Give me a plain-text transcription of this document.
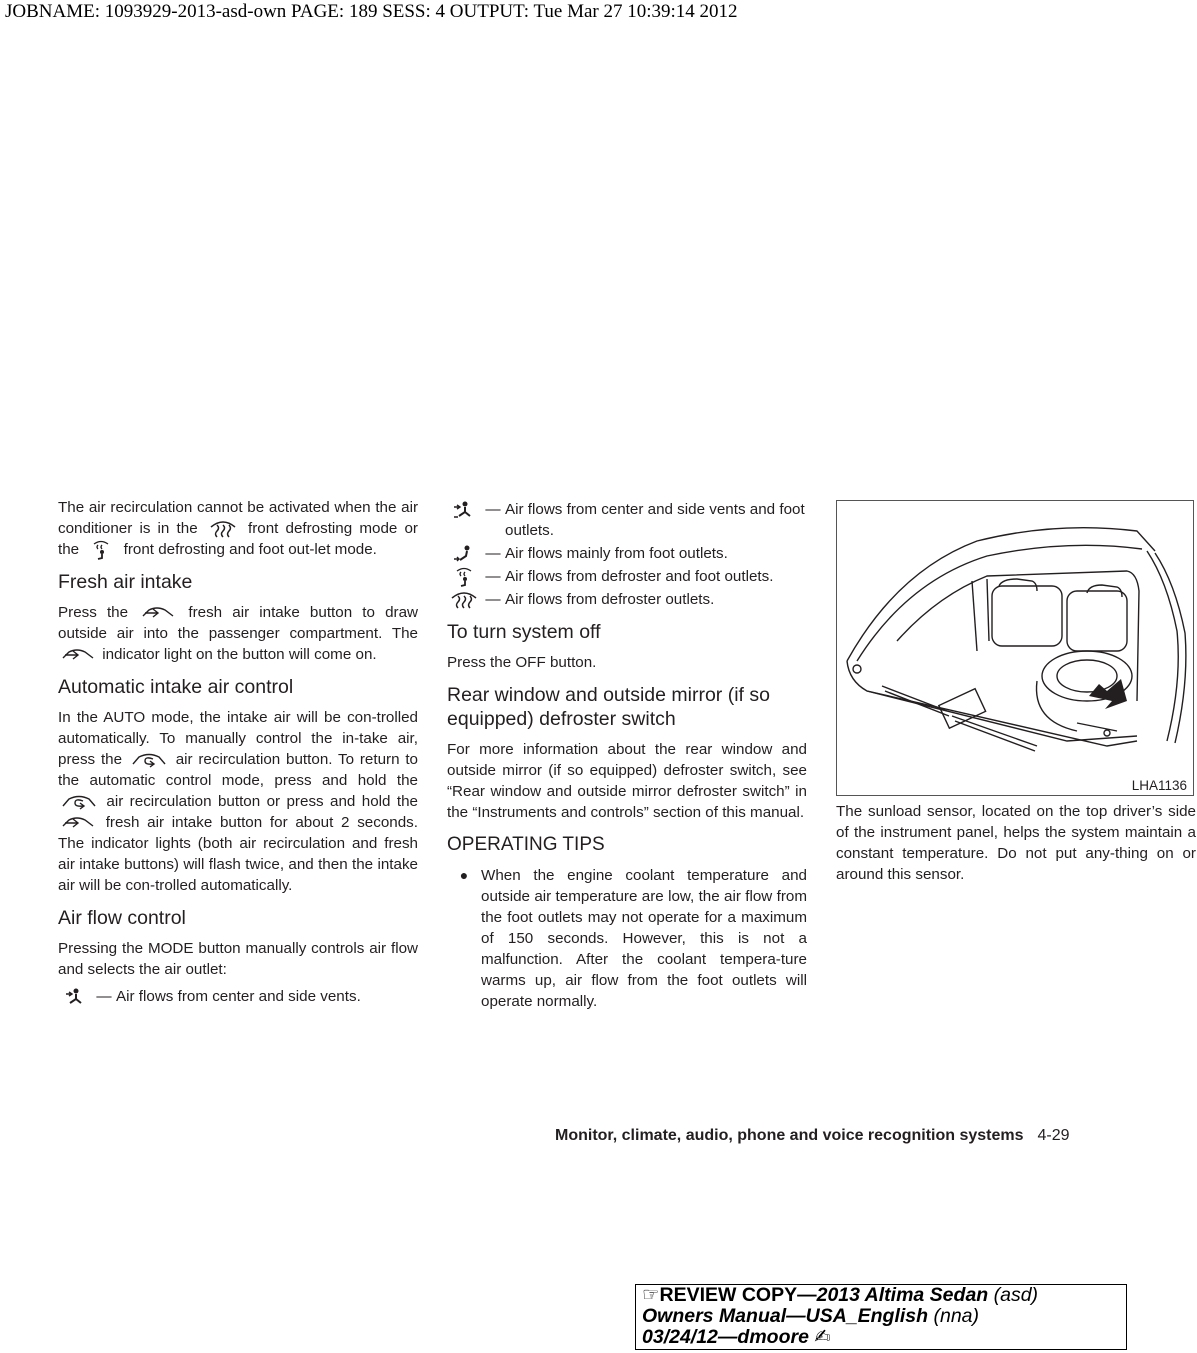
JOBNAME: 1093929-2013-asd-own PAGE: 189 SESS: 4 OUTPUT: Tue Mar 27 10:39:14 2012

The air recirculation cannot be activated when the air conditioner is in the	front defrosting mode or the	front defrosting and foot out-let mode.

Fresh air intake

Press the	fresh air intake button to draw outside air into the passenger compartment. The
indicator light on the button will come on.

Automatic intake air control

In the AUTO mode, the intake air will be con-trolled automatically. To manually control the in-take air, press the	air recirculation button. To return to the automatic control mode, press and hold the
air recirculation button or press and hold the
fresh air intake button for about 2 seconds. The indicator lights (both air recirculation and fresh air intake buttons) will flash twice, and then the intake air will be con-trolled automatically.

Air flow control

Pressing the MODE button manually controls air flow and selects the air outlet:

— Air flows from center and side vents.
— Air flows from center and side vents and foot outlets.
— Air flows mainly from foot outlets.
— Air flows from defroster and foot outlets.
— Air flows from defroster outlets.
To turn system off

Press the OFF button.

Rear window and outside mirror (if so equipped) defroster switch

For more information about the rear window and outside mirror (if so equipped) defroster switch, see “Rear window and outside mirror defroster switch” in the “Instruments and controls” section of this manual.

OPERATING TIPS
● When the engine coolant temperature and outside air temperature are low, the air flow from the foot outlets may not operate for a maximum of 150 seconds. However, this is not a malfunction. After the coolant tempera-ture warms up, air flow from the foot outlets will operate normally.

LHA1136

The sunload sensor, located on the top driver’s side of the instrument panel, helps the system maintain a constant temperature. Do not put any-thing on or around this sensor.

Monitor, climate, audio, phone and voice recognition systems 4-29
☞REVIEW COPY—2013 Altima Sedan (asd)
Owners Manual—USA_English (nna)
03/24/12—dmoore ✍
